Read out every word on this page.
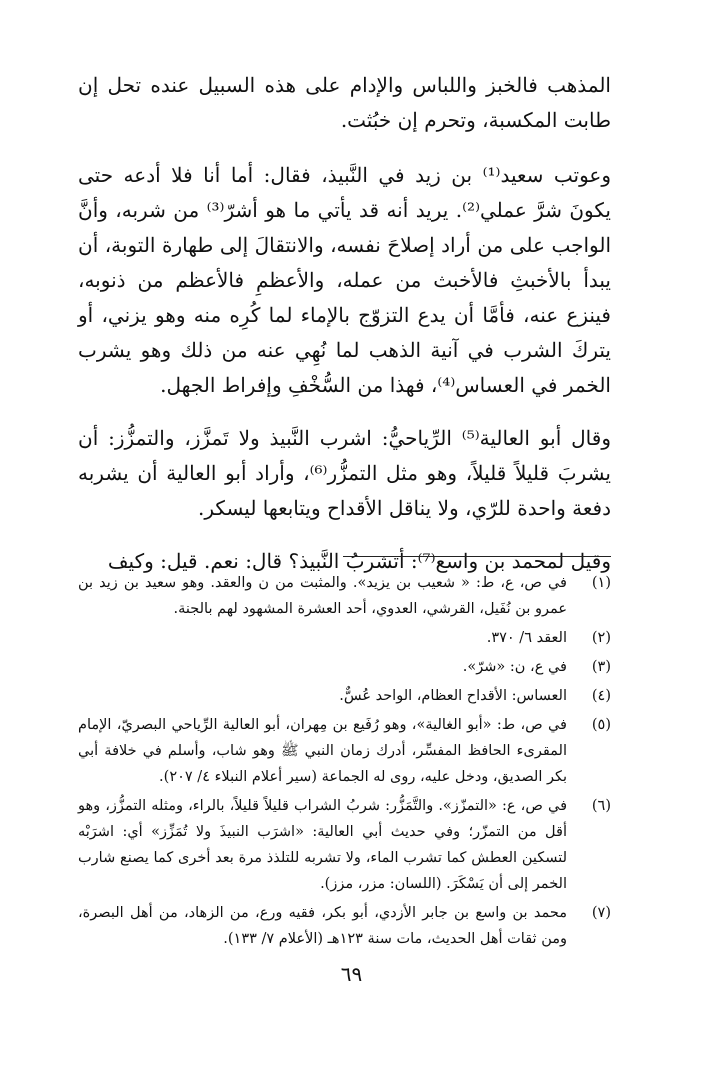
المذهب فالخبز واللباس والإدام على هذه السبيل عنده تحل إن طابت المكسبة، وتحرم إن خبُثت.

وعوتب سعيد⁽¹⁾ بن زيد في النَّبيذ، فقال: أما أنا فلا أدعه حتى يكونَ شرَّ عملي⁽²⁾. يريد أنه قد يأتي ما هو أشرّ⁽³⁾ من شربه، وأنَّ الواجب على من أراد إصلاحَ نفسه، والانتقالَ إلى طهارة التوبة، أن يبدأ بالأخبثِ فالأخبث من عمله، والأعظمِ فالأعظم من ذنوبه، فينزع عنه، فأمَّا أن يدع التزوّج بالإماء لما كُرِه منه وهو يزني، أو يتركَ الشرب في آنية الذهب لما نُهِي عنه من ذلك وهو يشرب الخمر في العساس⁽⁴⁾، فهذا من السُّخْفِ وإفراط الجهل.

وقال أبو العالية⁽⁵⁾ الرِّياحيُّ: اشرب النَّبيذ ولا تَمزَّز، والتمزُّز: أن يشربَ قليلاً قليلاً، وهو مثل التمزُّر⁽⁶⁾، وأراد أبو العالية أن يشربه دفعة واحدة للرّي، ولا يناقل الأقداح ويتابعها ليسكر.

وقيل لمحمد بن واسع⁽⁷⁾: أتشربُ النَّبيذ؟ قال: نعم. قيل: وكيف

(١)
في ص، ع، ط: « شعيب بن يزيد». والمثبت من ن والعقد. وهو سعيد بن زيد بن عمرو بن نُفَيل، القرشي، العدوي، أحد العشرة المشهود لهم بالجنة.
(٢)
العقد ٦/ ٣٧٠.
(٣)
في ع، ن: «شرّ».
(٤)
العساس: الأقداح العظام، الواحد عُسٌّ.
(٥)
في ص، ط: «أبو الغالية»، وهو رُفَيع بن مِهران، أبو العالية الرِّياحي البصريّ، الإمام المقرىء الحافظ المفسِّر، أدرك زمان النبي ﷺ وهو شاب، وأسلم في خلافة أبي بكر الصديق، ودخل عليه، روى له الجماعة (سير أعلام النبلاء ٤/ ٢٠٧).
(٦)
في ص، ع: «التمزّز». والتَّمَزُّر: شربُ الشراب قليلاً قليلاً، بالراء، ومثله التمزُّز، وهو أقل من التمزّر؛ وفي حديث أبي العالية: «اشرَب النبيذَ ولا تُمَزِّز» أي: اشرَبْه لتسكين العطش كما تشرب الماء، ولا تشربه للتلذذ مرة بعد أخرى كما يصنع شارب الخمر إلى أن يَسْكَرَ. (اللسان: مزر، مزز).
(٧)
محمد بن واسع بن جابر الأزدي، أبو بكر، فقيه ورع، من الزهاد، من أهل البصرة، ومن ثقات أهل الحديث، مات سنة ١٢٣هـ (الأعلام ٧/ ١٣٣).
٦٩
